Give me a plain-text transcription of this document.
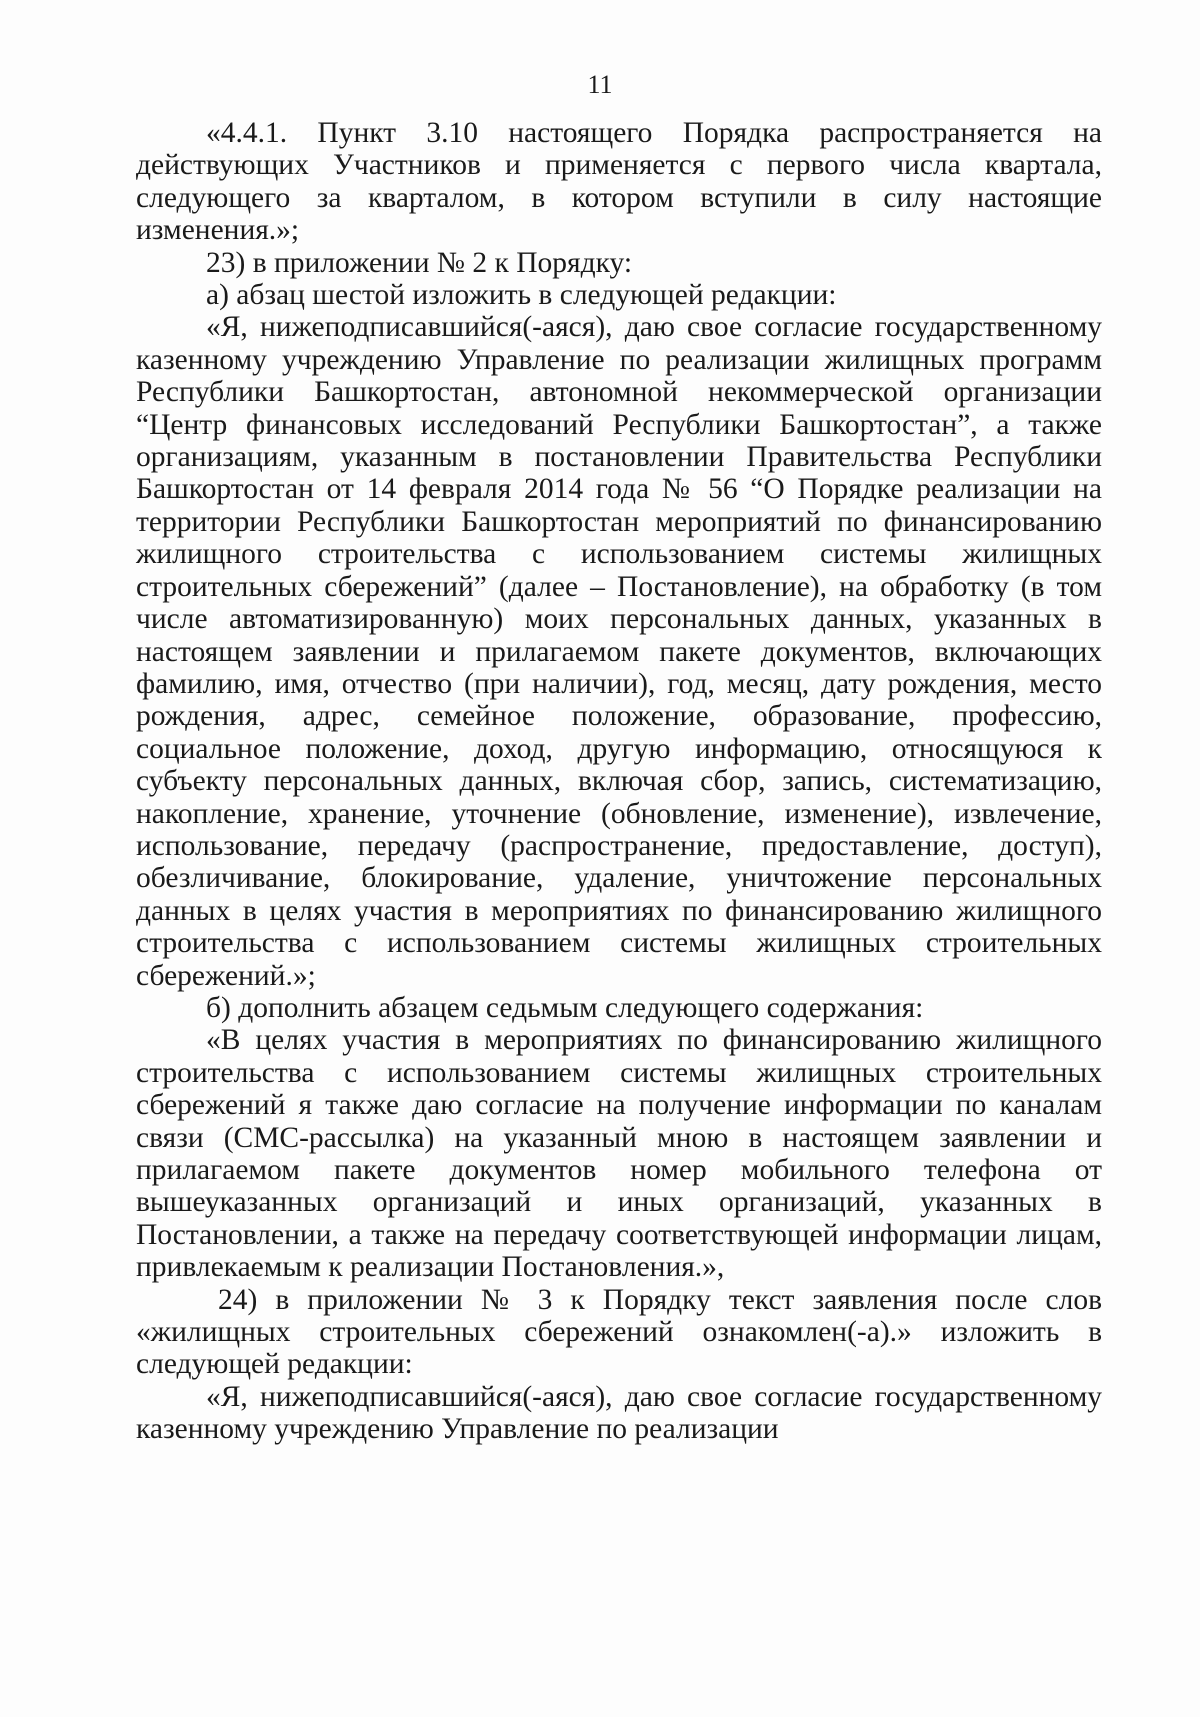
11

«4.4.1. Пункт 3.10 настоящего Порядка распространяется на действующих Участников и применяется с первого числа квартала, следующего за кварталом, в котором вступили в силу настоящие изменения.»;

23) в приложении № 2 к Порядку:

а) абзац шестой изложить в следующей редакции:

«Я, нижеподписавшийся(-аяся), даю свое согласие государственному казенному учреждению Управление по реализации жилищных программ Республики Башкортостан, автономной некоммерческой организации “Центр финансовых исследований Республики Башкортостан”, а также организациям, указанным в постановлении Правительства Республики Башкортостан от 14 февраля 2014 года № 56 “О Порядке реализации на территории Республики Башкортостан мероприятий по финансированию жилищного строительства с использованием системы жилищных строительных сбережений” (далее – Постановление), на обработку (в том числе автоматизированную) моих персональных данных, указанных в настоящем заявлении и прилагаемом пакете документов, включающих фамилию, имя, отчество (при наличии), год, месяц, дату рождения, место рождения, адрес, семейное положение, образование, профессию, социальное положение, доход, другую информацию, относящуюся к субъекту персональных данных, включая сбор, запись, систематизацию, накопление, хранение, уточнение (обновление, изменение), извлечение, использование, передачу (распространение, предоставление, доступ), обезличивание, блокирование, удаление, уничтожение персональных данных в целях участия в мероприятиях по финансированию жилищного строительства с использованием системы жилищных строительных сбережений.»;

б) дополнить абзацем седьмым следующего содержания:

«В целях участия в мероприятиях по финансированию жилищного строительства с использованием системы жилищных строительных сбережений я также даю согласие на получение информации по каналам связи (СМС-рассылка) на указанный мною в настоящем заявлении и прилагаемом пакете документов номер мобильного телефона от вышеуказанных организаций и иных организаций, указанных в Постановлении, а также на передачу соответствующей информации лицам, привлекаемым к реализации Постановления.»,

24) в приложении № 3 к Порядку текст заявления после слов «жилищных строительных сбережений ознакомлен(-а).» изложить в следующей редакции:

«Я, нижеподписавшийся(-аяся), даю свое согласие государственному казенному учреждению Управление по реализации
